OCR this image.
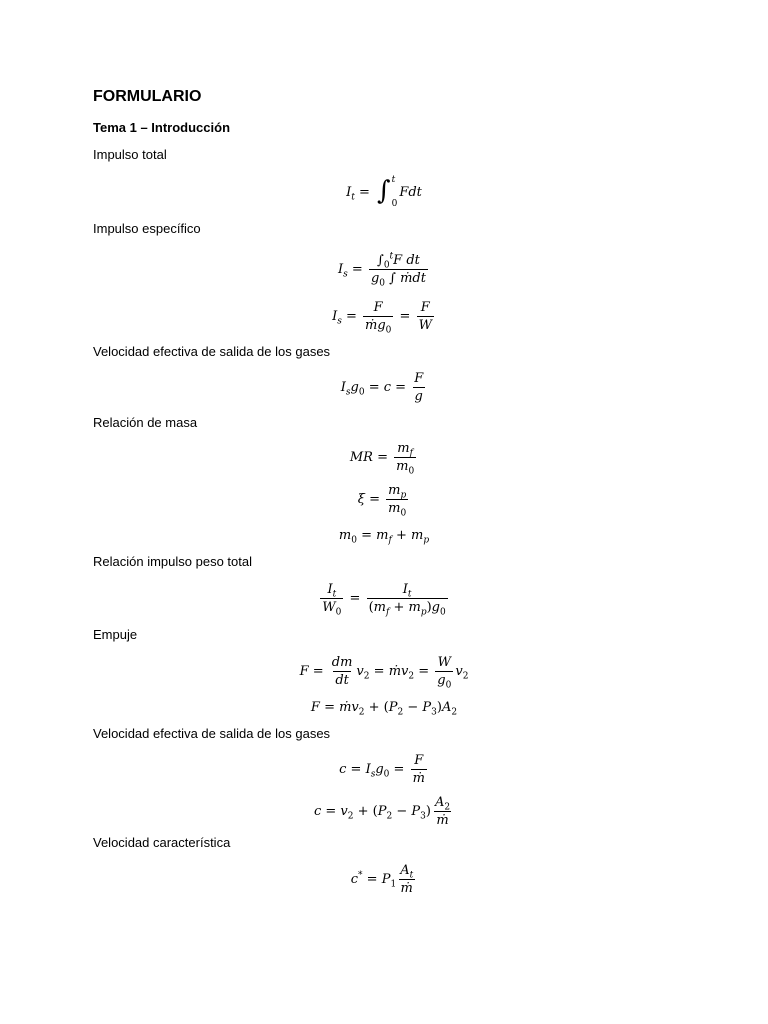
FORMULARIO
Tema 1 – Introducción
Impulso total
$I_t$ = ∫ t
0
Fdt
Impulso específico
$I_s = \frac{\int_0^tF dt}{g_0 \int ṁdt}$
$I_s = \frac{F}{ṁg_0} = \frac{F}{W}$
Velocidad efectiva de salida de los gases
$I_sg_0 = c = \frac{F}{g}$
Relación de masa
MR = $\frac{m_f}{m_0}$
$\xi = \frac{m_p}{m_0}$
$m_0 = m_f + m_p$
Relación impulso peso total
$\frac{I_t}{W_0} = \frac{I_t}{(m_f + m_p)g_0}$
Empuje
$F = \frac{dm}{dt} v_2$ = ṁv$_2$ = $\frac{W}{g_0} v_2$
F = ṁv$_2$ + ( $P_2 - P_3$ ) $A_2$
Velocidad efectiva de salida de los gases
$c = I_sg_0 = \frac{F}{\text{ṁ}}$
$c = v_2$ + ( $P_2 - P_3$ ) $\frac{A_2}{\text{ṁ}}$
Velocidad característica
$c^* = P_1 \frac{A_t}{\text{ṁ}}$
